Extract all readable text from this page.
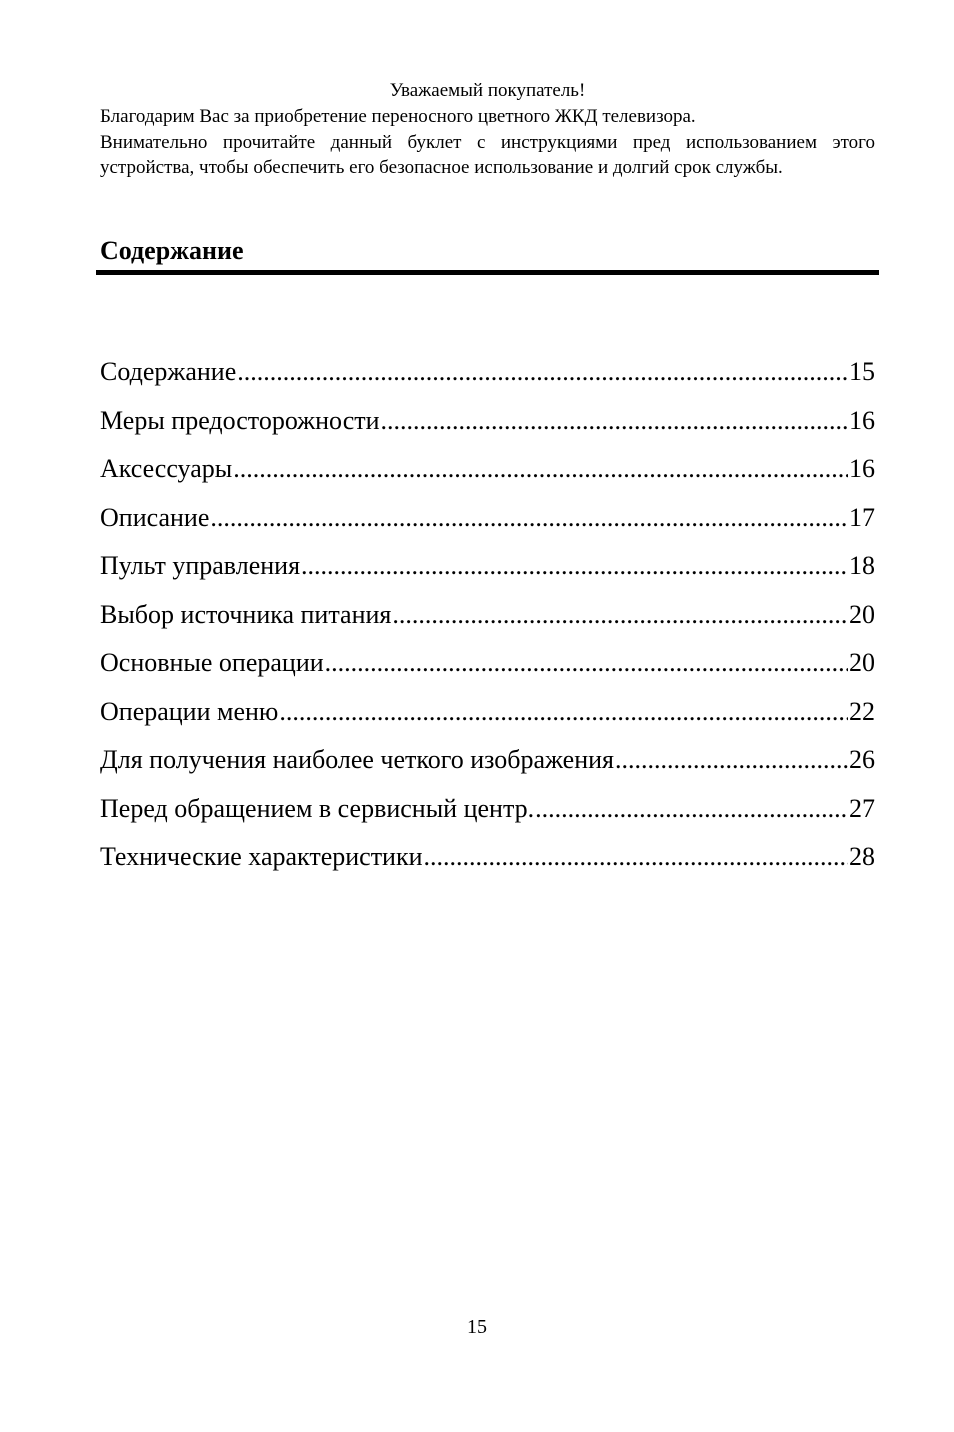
Уважаемый покупатель!

Благодарим Вас за приобретение переносного цветного ЖКД телевизора.

Внимательно прочитайте данный буклет с инструкциями пред использованием этого устройства, чтобы обеспечить его безопасное использование и долгий срок службы.

Содержание
Содержание .....	15
Меры предосторожности .....	16
Аксессуары .....	16
Описание .....	17
Пульт управления .....	18
Выбор источника питания .....	20
Основные операции .....	20
Операции меню .....	22
Для получения наиболее четкого изображения .....	26
Перед обращением в сервисный центр. .....	27
Технические характеристики .....	28
15
